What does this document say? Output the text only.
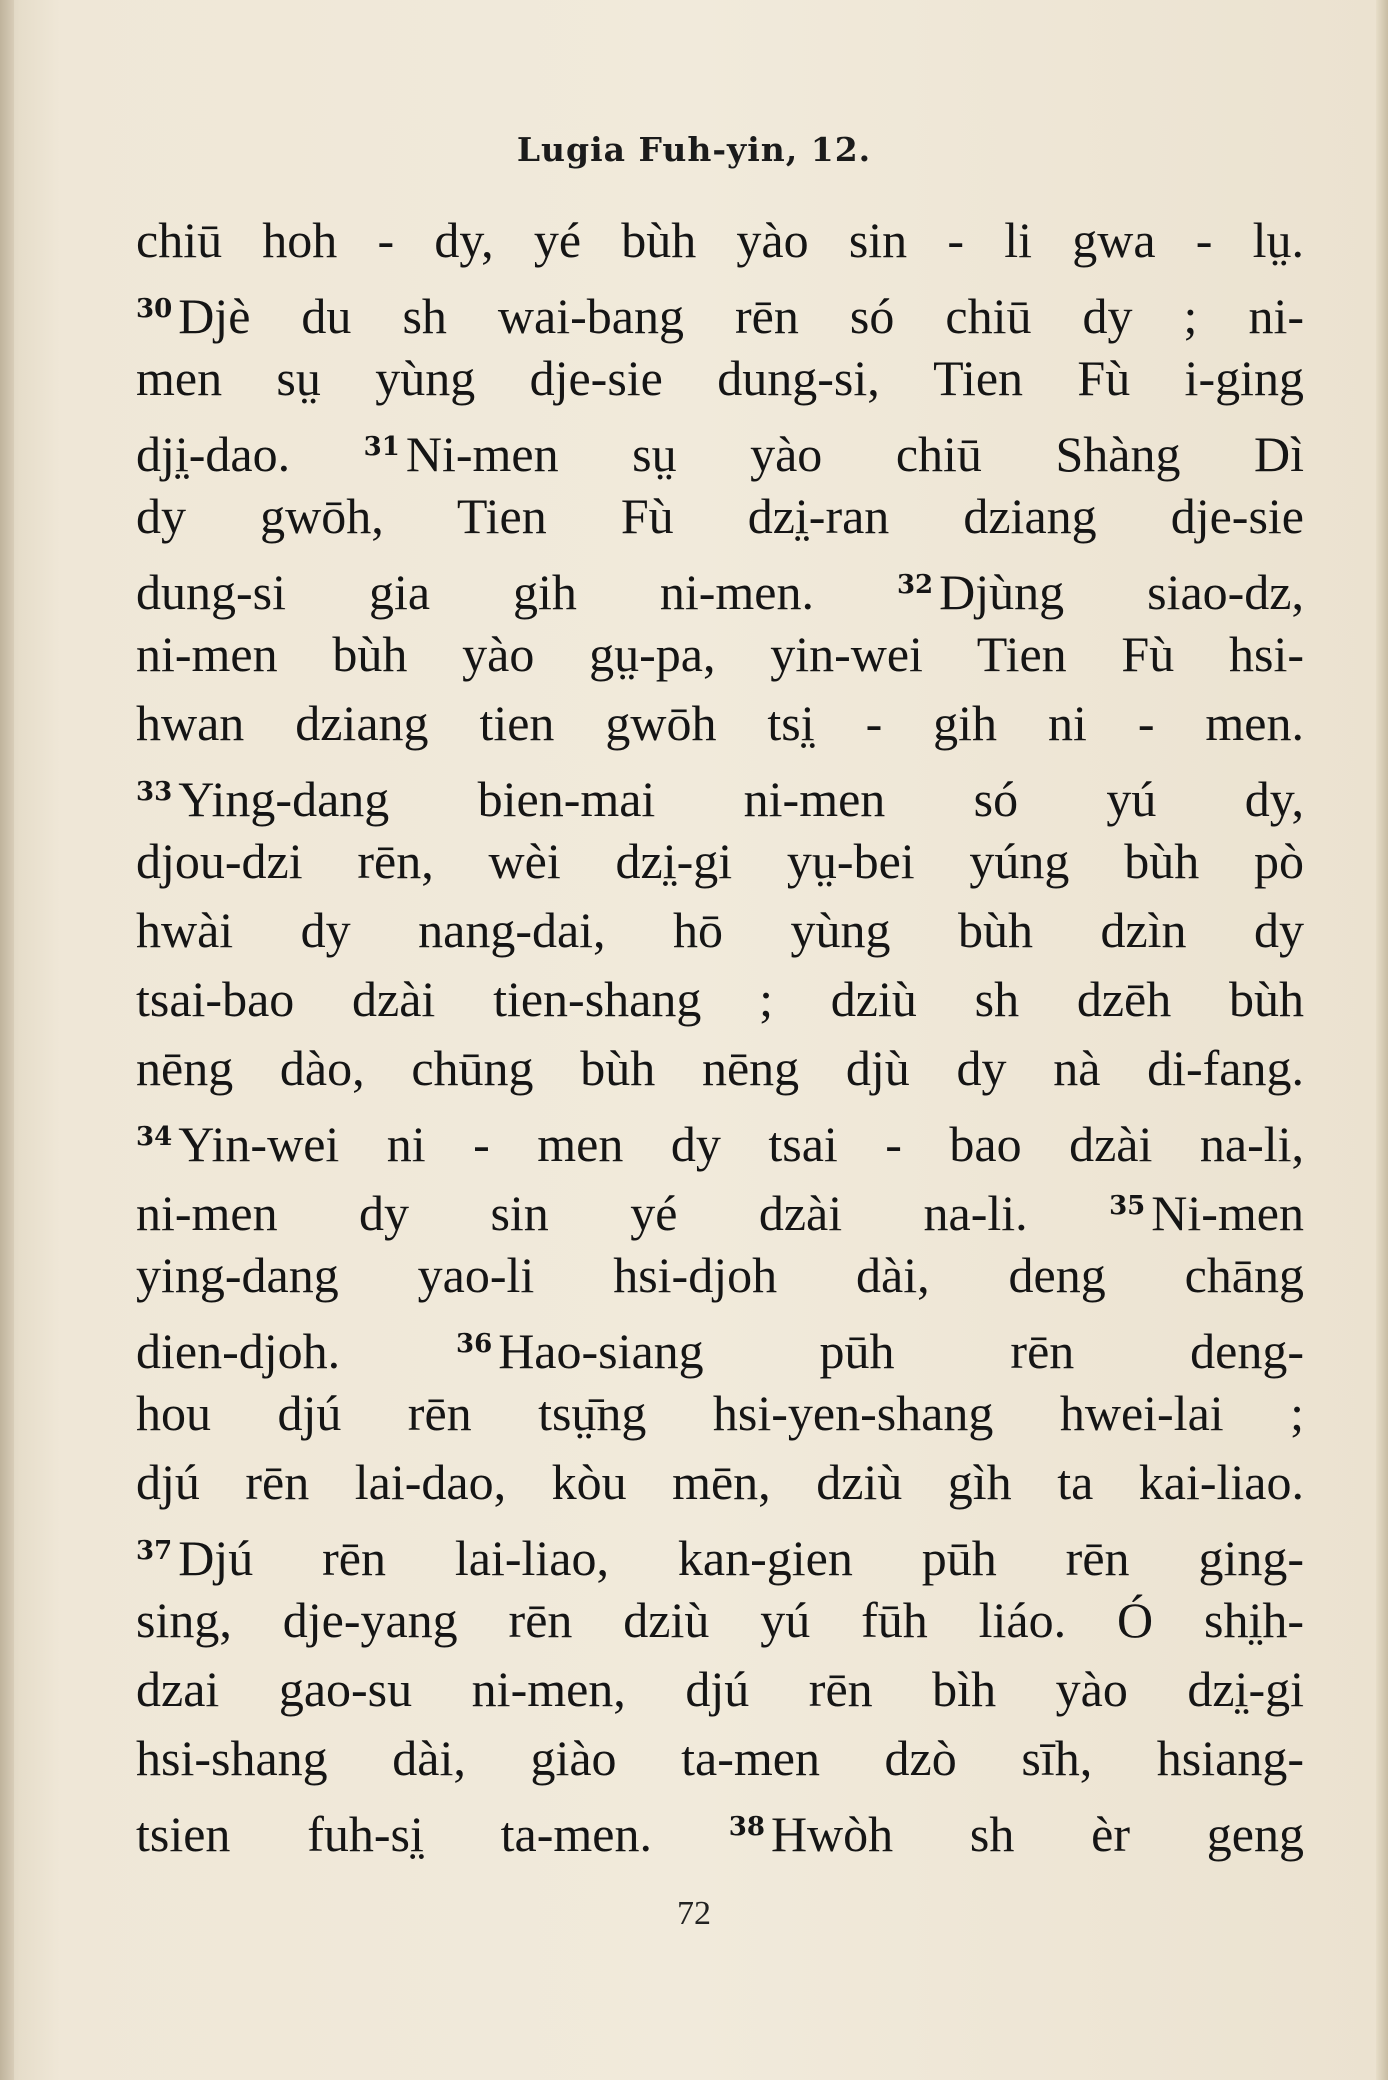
Lugia Fuh-yin, 12.
chiū hoh - dy, yé bùh yào sin - li gwa - lṳ.
$^{30}$ Djè du sh wai-bang rēn só chiū dy ; ni-
men sṳ yùng dje-sie dung-si, Tien Fù i-ging
dji̤-dao. $^{31}$ Ni-men sṳ yào chiū Shàng Dì
dy gwōh, Tien Fù dzi̤-ran dziang dje-sie
dung-si gia gih ni-men. $^{32}$ Djùng siao-dz,
ni-men bùh yào gṳ-pa, yin-wei Tien Fù hsi-
hwan dziang tien gwōh tsi̤ - gih ni - men.
$^{33}$ Ying-dang bien-mai ni-men só yú dy,
djou-dzi rēn, wèi dzi̤-gi yṳ-bei yúng bùh pò
hwài dy nang-dai, hō yùng bùh dzìn dy
tsai-bao dzài tien-shang ; dziù sh dzēh bùh
nēng dào, chūng bùh nēng djù dy nà di-fang.
$^{34}$ Yin-wei ni - men dy tsai - bao dzài na-li,
ni-men dy sin yé dzài na-li. $^{35}$ Ni-men
ying-dang yao-li hsi-djoh dài, deng chāng
dien-djoh. $^{36}$ Hao-siang pūh rēn deng-
hou djú rēn tsṳ̄ng hsi-yen-shang hwei-lai ;
djú rēn lai-dao, kòu mēn, dziù gìh ta kai-liao.
$^{37}$ Djú rēn lai-liao, kan-gien pūh rēn ging-
sing, dje-yang rēn dziù yú fūh liáo. Ó shi̤h-
dzai gao-su ni-men, djú rēn bìh yào dzi̤-gi
hsi-shang dài, giào ta-men dzò sīh, hsiang-
tsien fuh-si̤ ta-men. $^{38}$ Hwòh sh èr geng
72
